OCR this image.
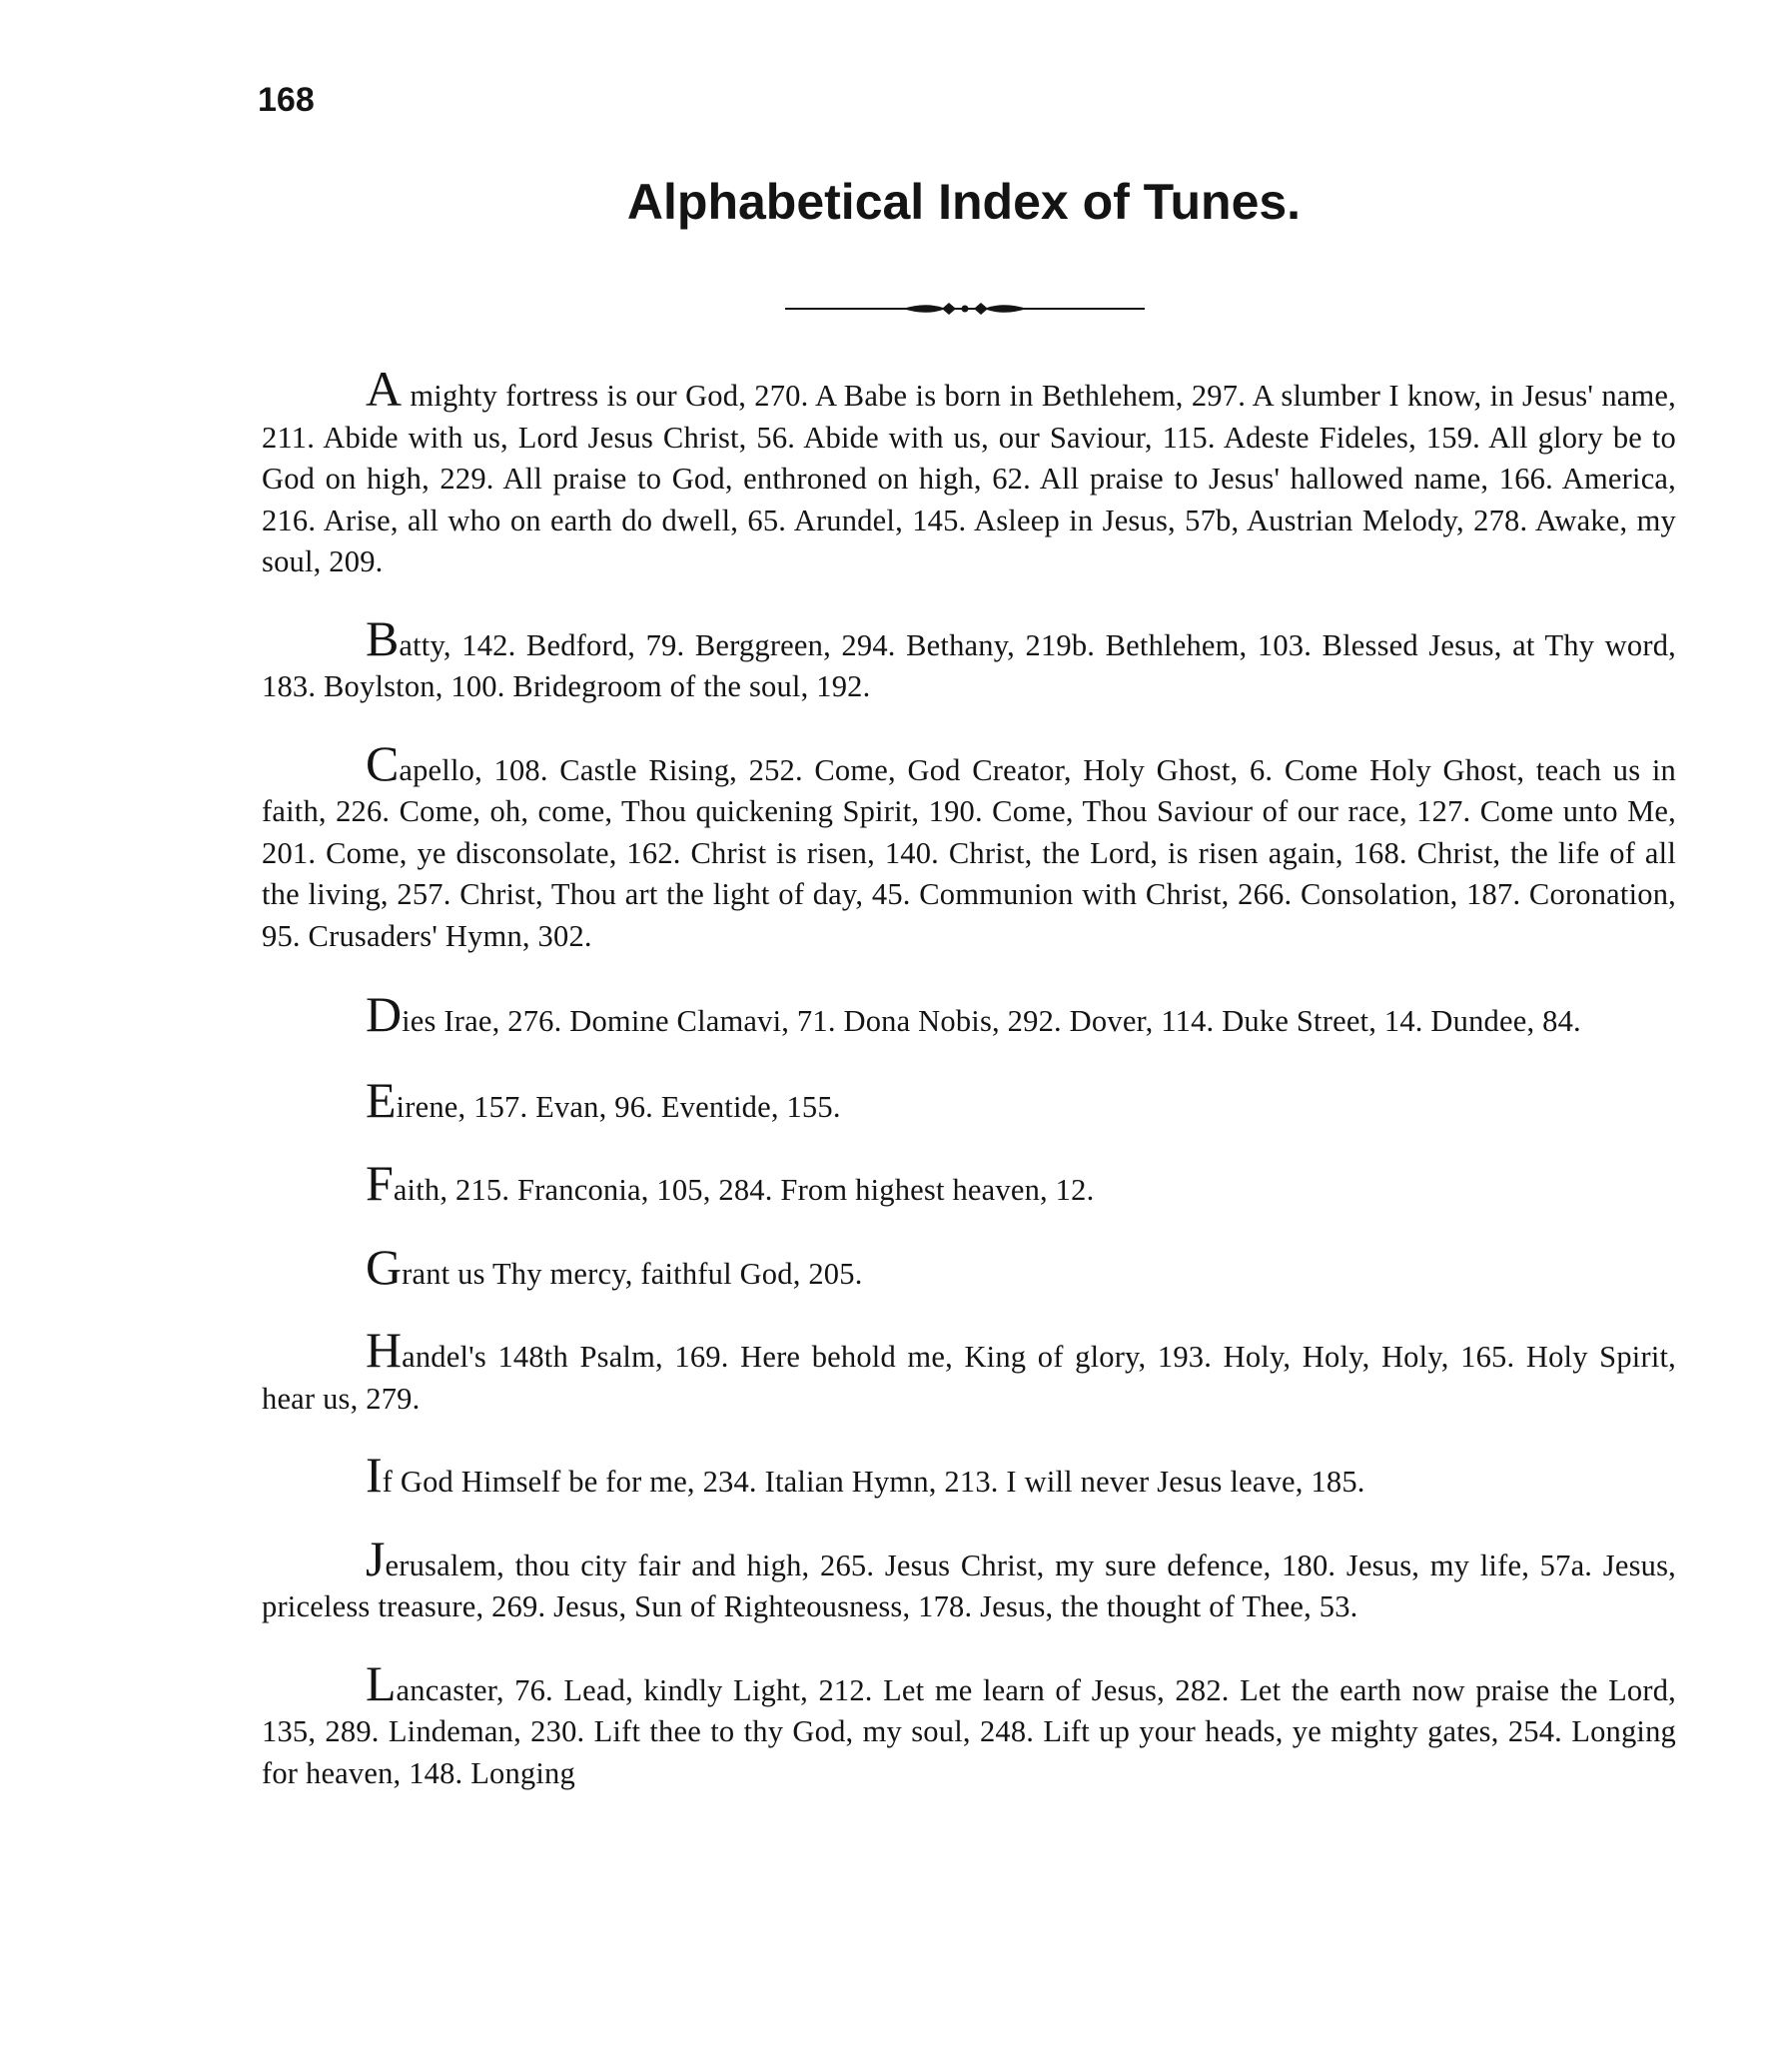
168
Alphabetical Index of Tunes.

A mighty fortress is our God, 270. A Babe is born in Bethlehem, 297. A slumber I know, in Jesus' name, 211. Abide with us, Lord Jesus Christ, 56. Abide with us, our Saviour, 115. Adeste Fideles, 159. All glory be to God on high, 229. All praise to God, enthroned on high, 62. All praise to Jesus' hallowed name, 166. America, 216. Arise, all who on earth do dwell, 65. Arundel, 145. Asleep in Jesus, 57b, Austrian Melody, 278. Awake, my soul, 209.

Batty, 142. Bedford, 79. Berggreen, 294. Bethany, 219b. Bethlehem, 103. Blessed Jesus, at Thy word, 183. Boylston, 100. Bridegroom of the soul, 192.

Capello, 108. Castle Rising, 252. Come, God Creator, Holy Ghost, 6. Come Holy Ghost, teach us in faith, 226. Come, oh, come, Thou quickening Spirit, 190. Come, Thou Saviour of our race, 127. Come unto Me, 201. Come, ye disconsolate, 162. Christ is risen, 140. Christ, the Lord, is risen again, 168. Christ, the life of all the living, 257. Christ, Thou art the light of day, 45. Communion with Christ, 266. Consolation, 187. Coronation, 95. Crusaders' Hymn, 302.

Dies Irae, 276. Domine Clamavi, 71. Dona Nobis, 292. Dover, 114. Duke Street, 14. Dundee, 84.

Eirene, 157. Evan, 96. Eventide, 155.

Faith, 215. Franconia, 105, 284. From highest heaven, 12.

Grant us Thy mercy, faithful God, 205.

Handel's 148th Psalm, 169. Here behold me, King of glory, 193. Holy, Holy, Holy, 165. Holy Spirit, hear us, 279.

If God Himself be for me, 234. Italian Hymn, 213. I will never Jesus leave, 185.

Jerusalem, thou city fair and high, 265. Jesus Christ, my sure defence, 180. Jesus, my life, 57a. Jesus, priceless treasure, 269. Jesus, Sun of Righteousness, 178. Jesus, the thought of Thee, 53.

Lancaster, 76. Lead, kindly Light, 212. Let me learn of Jesus, 282. Let the earth now praise the Lord, 135, 289. Lindeman, 230. Lift thee to thy God, my soul, 248. Lift up your heads, ye mighty gates, 254. Longing for heaven, 148. Longing
